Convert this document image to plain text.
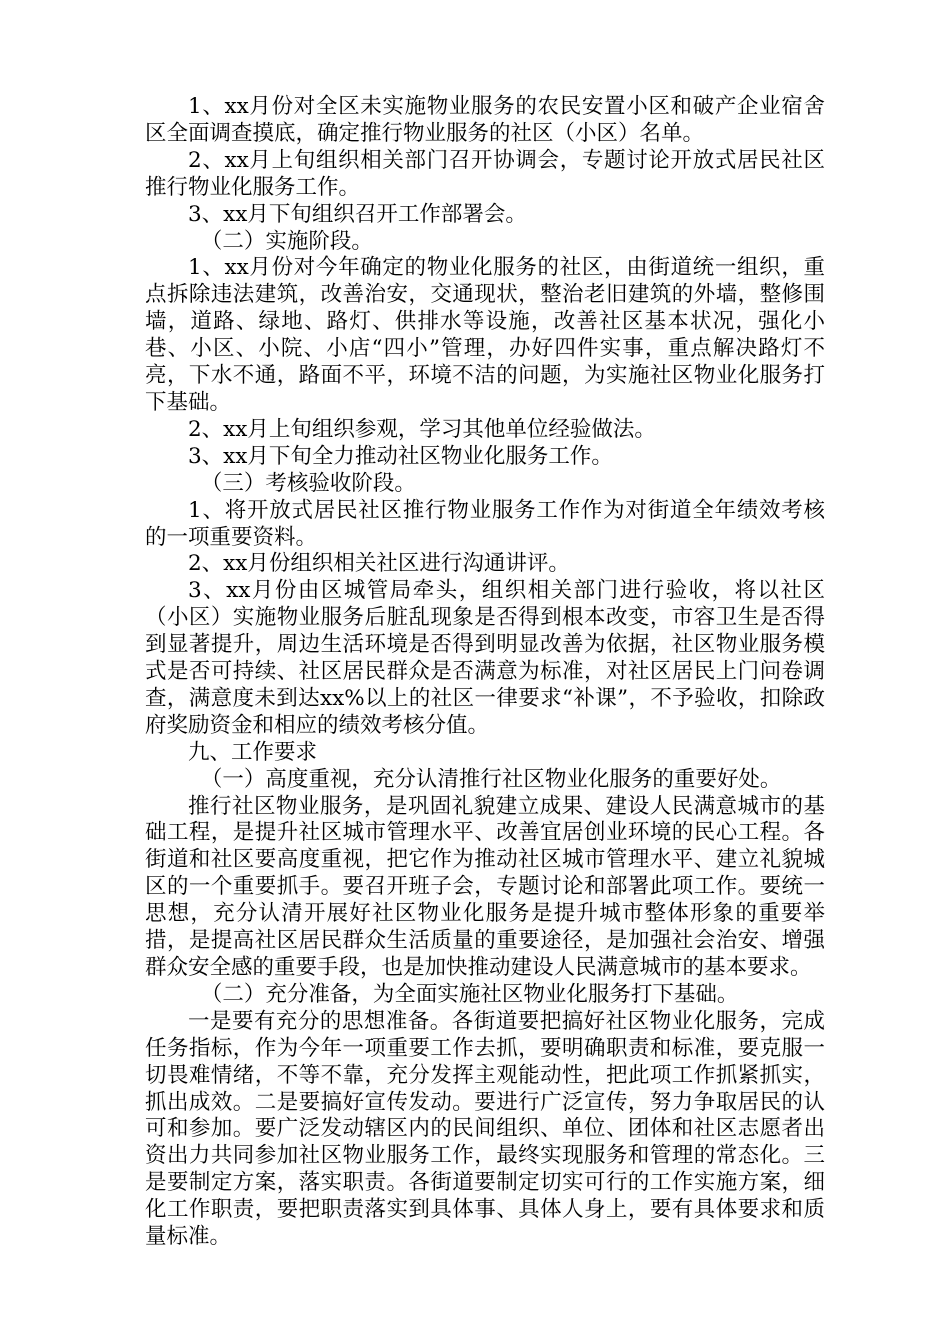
1、xx月份对全区未实施物业服务的农民安置小区和破产企业宿舍区全面调查摸底，确定推行物业服务的社区（小区）名单。

2、xx月上旬组织相关部门召开协调会，专题讨论开放式居民社区推行物业化服务工作。

3、xx月下旬组织召开工作部署会。

（二）实施阶段。

1、xx月份对今年确定的物业化服务的社区，由街道统一组织，重点拆除违法建筑，改善治安，交通现状，整治老旧建筑的外墙，整修围墙，道路、绿地、路灯、供排水等设施，改善社区基本状况，强化小巷、小区、小院、小店“四小”管理，办好四件实事，重点解决路灯不亮，下水不通，路面不平，环境不洁的问题，为实施社区物业化服务打下基础。

2、xx月上旬组织参观，学习其他单位经验做法。

3、xx月下旬全力推动社区物业化服务工作。

（三）考核验收阶段。

1、将开放式居民社区推行物业服务工作作为对街道全年绩效考核的一项重要资料。

2、xx月份组织相关社区进行沟通讲评。

3、xx月份由区城管局牵头，组织相关部门进行验收，将以社区（小区）实施物业服务后脏乱现象是否得到根本改变，市容卫生是否得到显著提升，周边生活环境是否得到明显改善为依据，社区物业服务模式是否可持续、社区居民群众是否满意为标准，对社区居民上门问卷调查，满意度未到达xx%以上的社区一律要求“补课”，不予验收，扣除政府奖励资金和相应的绩效考核分值。

九、工作要求

（一）高度重视，充分认清推行社区物业化服务的重要好处。

推行社区物业服务，是巩固礼貌建立成果、建设人民满意城市的基础工程，是提升社区城市管理水平、改善宜居创业环境的民心工程。各街道和社区要高度重视，把它作为推动社区城市管理水平、建立礼貌城区的一个重要抓手。要召开班子会，专题讨论和部署此项工作。要统一思想，充分认清开展好社区物业化服务是提升城市整体形象的重要举措，是提高社区居民群众生活质量的重要途径，是加强社会治安、增强群众安全感的重要手段，也是加快推动建设人民满意城市的基本要求。

（二）充分准备，为全面实施社区物业化服务打下基础。

一是要有充分的思想准备。各街道要把搞好社区物业化服务，完成任务指标，作为今年一项重要工作去抓，要明确职责和标准，要克服一切畏难情绪，不等不靠，充分发挥主观能动性，把此项工作抓紧抓实，抓出成效。二是要搞好宣传发动。要进行广泛宣传，努力争取居民的认可和参加。要广泛发动辖区内的民间组织、单位、团体和社区志愿者出资出力共同参加社区物业服务工作，最终实现服务和管理的常态化。三是要制定方案，落实职责。各街道要制定切实可行的工作实施方案，细化工作职责，要把职责落实到具体事、具体人身上，要有具体要求和质量标准。
